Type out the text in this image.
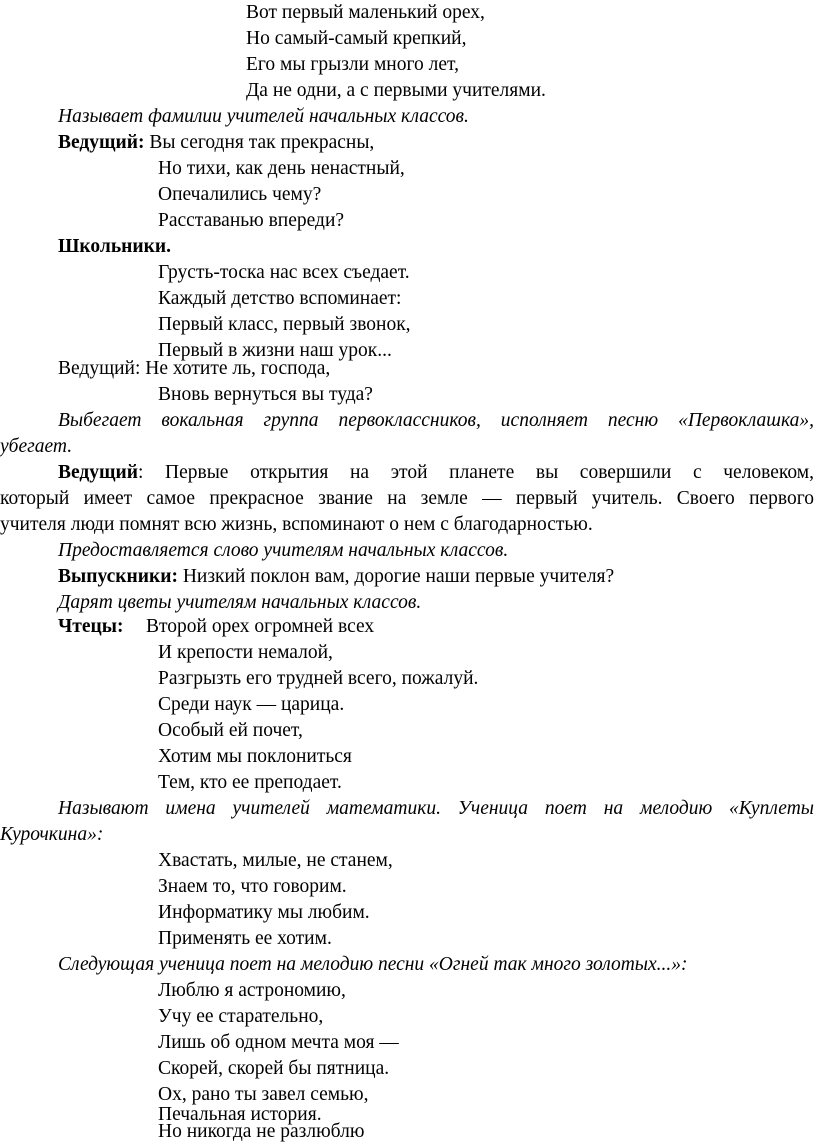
Вот первый маленький орех,
Но самый-самый крепкий,
Его мы грызли много лет,
Да не одни, а с первыми учителями.
Называет фамилии учителей начальных классов.
Ведущий: Вы сегодня так прекрасны,
Но тихи, как день ненастный,
Опечалились чему?
Расставанью впереди?
Школьники.
Грусть-тоска нас всех съедает.
Каждый детство вспоминает:
Первый класс, первый звонок,
Первый в жизни наш урок...
Ведущий: Не хотите ль, господа,
Вновь вернуться вы туда?
Выбегает вокальная группа первоклассников, исполняет песню «Первоклашка»,
убегает.
Ведущий: Первые открытия на этой планете вы совершили с человеком,
который имеет самое прекрасное звание на земле — первый учитель. Своего первого
учителя люди помнят всю жизнь, вспоминают о нем с благодарностью.
Предоставляется слово учителям начальных классов.
Выпускники: Низкий поклон вам, дорогие наши первые учителя?
Дарят цветы учителям начальных классов.
Чтецы: Второй орех огромней всех
И крепости немалой,
Разгрызть его трудней всего, пожалуй.
Среди наук — царица.
Особый ей почет,
Хотим мы поклониться
Тем, кто ее преподает.
Называют имена учителей математики. Ученица поет на мелодию «Куплеты
Курочкина»:
Хвастать, милые, не станем,
Знаем то, что говорим.
Информатику мы любим.
Применять ее хотим.
Следующая ученица поет на мелодию песни «Огней так много золотых...»:
Люблю я астрономию,
Учу ее старательно,
Лишь об одном мечта моя —
Скорей, скорей бы пятница.
Ох, рано ты завел семью,
Печальная история.
Но никогда не разлюблю
